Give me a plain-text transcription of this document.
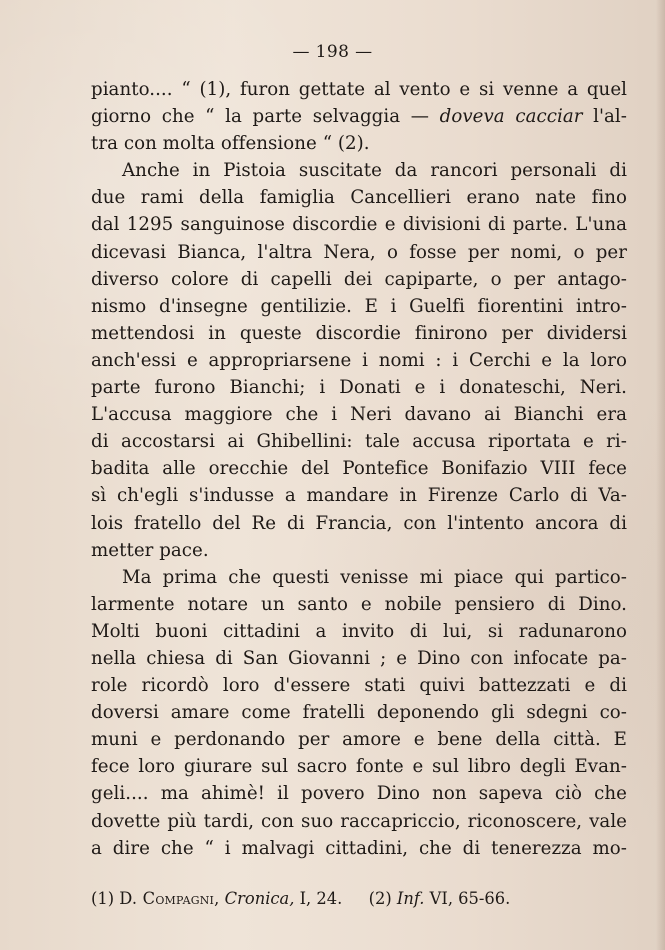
— 198 —
pianto.... “ (1), furon gettate al vento e si venne a quel
giorno che “ la parte selvaggia — doveva cacciar l'al-
tra con molta offensione “ (2).
Anche in Pistoia suscitate da rancori personali di
due rami della famiglia Cancellieri erano nate fino
dal 1295 sanguinose discordie e divisioni di parte. L'una
dicevasi Bianca, l'altra Nera, o fosse per nomi, o per
diverso colore di capelli dei capiparte, o per antago-
nismo d'insegne gentilizie. E i Guelfi fiorentini intro-
mettendosi in queste discordie finirono per dividersi
anch'essi e appropriarsene i nomi : i Cerchi e la loro
parte furono Bianchi; i Donati e i donateschi, Neri.
L'accusa maggiore che i Neri davano ai Bianchi era
di accostarsi ai Ghibellini: tale accusa riportata e ri-
badita alle orecchie del Pontefice Bonifazio VIII fece
sì ch'egli s'indusse a mandare in Firenze Carlo di Va-
lois fratello del Re di Francia, con l'intento ancora di
metter pace.
Ma prima che questi venisse mi piace qui partico-
larmente notare un santo e nobile pensiero di Dino.
Molti buoni cittadini a invito di lui, si radunarono
nella chiesa di San Giovanni ; e Dino con infocate pa-
role ricordò loro d'essere stati quivi battezzati e di
doversi amare come fratelli deponendo gli sdegni co-
muni e perdonando per amore e bene della città. E
fece loro giurare sul sacro fonte e sul libro degli Evan-
geli.... ma ahimè! il povero Dino non sapeva ciò che
dovette più tardi, con suo raccapriccio, riconoscere, vale
a dire che “ i malvagi cittadini, che di tenerezza mo-
(1) D. Compagni, Cronica, I, 24. (2) Inf. VI, 65-66.
